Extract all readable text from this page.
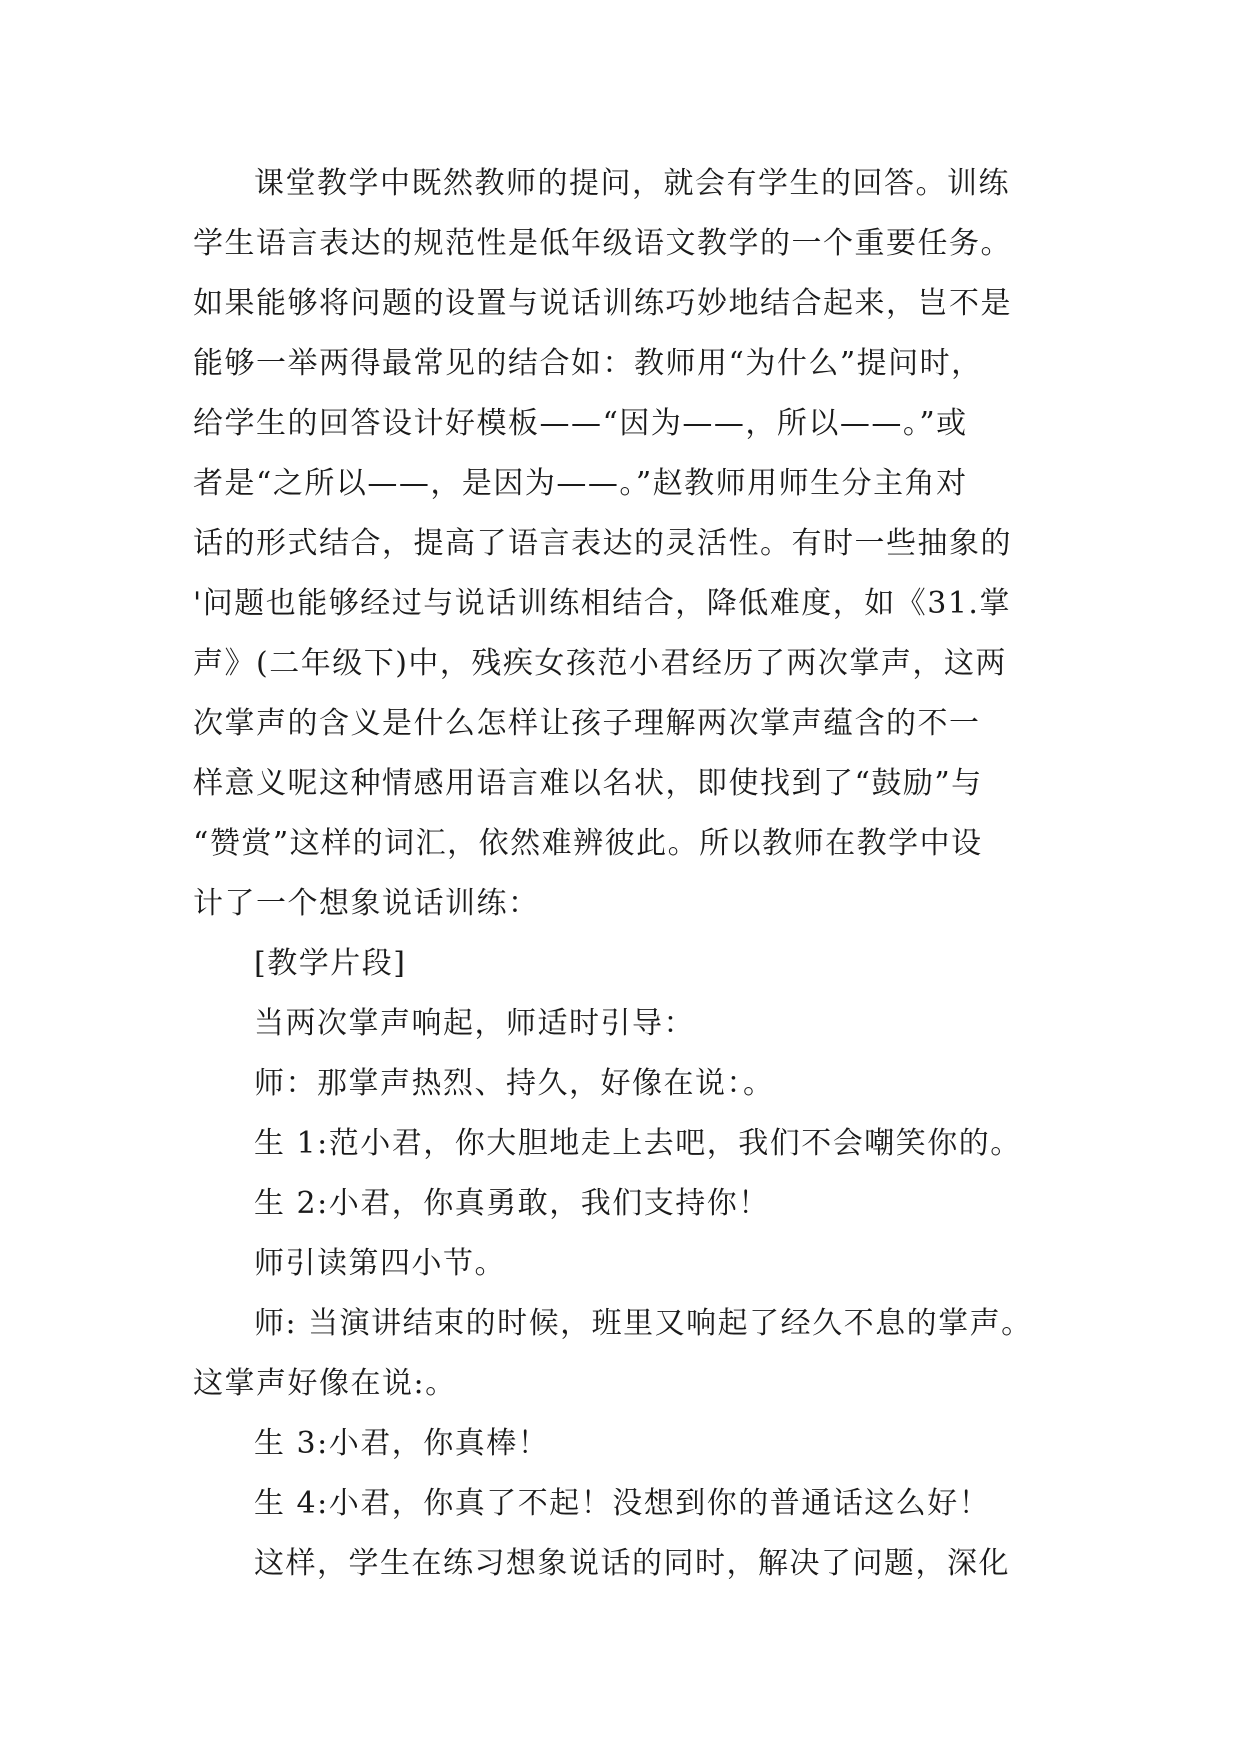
课堂教学中既然教师的提问，就会有学生的回答。训练
学生语言表达的规范性是低年级语文教学的一个重要任务。
如果能够将问题的设置与说话训练巧妙地结合起来，岂不是
能够一举两得最常见的结合如：教师用“为什么”提问时，
给学生的回答设计好模板——“因为——，所以——。”或
者是“之所以——，是因为——。”赵教师用师生分主角对
话的形式结合，提高了语言表达的灵活性。有时一些抽象的
'问题也能够经过与说话训练相结合，降低难度，如《31.掌
声》(二年级下)中，残疾女孩范小君经历了两次掌声，这两
次掌声的含义是什么怎样让孩子理解两次掌声蕴含的不一
样意义呢这种情感用语言难以名状，即使找到了“鼓励”与
“赞赏”这样的词汇，依然难辨彼此。所以教师在教学中设
计了一个想象说话训练：
[教学片段]
当两次掌声响起，师适时引导：
师：那掌声热烈、持久，好像在说：。
生 1:范小君，你大胆地走上去吧，我们不会嘲笑你的。
生 2:小君，你真勇敢，我们支持你！
师引读第四小节。
师: 当演讲结束的时候，班里又响起了经久不息的掌声。
这掌声好像在说:。
生 3:小君，你真棒！
生 4:小君，你真了不起！没想到你的普通话这么好！
这样，学生在练习想象说话的同时，解决了问题，深化
